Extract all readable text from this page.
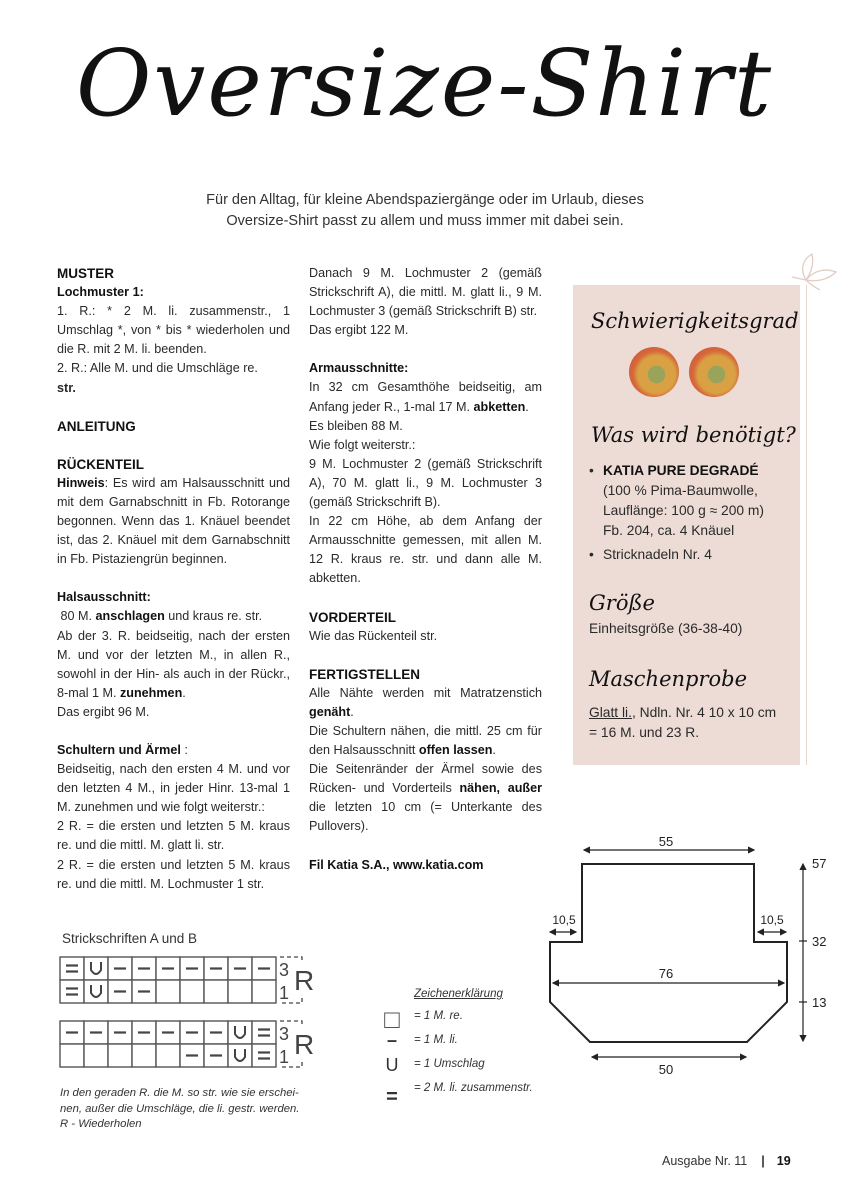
Oversize-Shirt
Für den Alltag, für kleine Abendspaziergänge oder im Urlaub, dieses
Oversize-Shirt passt zu allem und muss immer mit dabei sein.
MUSTER
Lochmuster 1:
1. R.: * 2 M. li. zusammenstr., 1 Umschlag *, von * bis * wiederholen und die R. mit 2 M. li. beenden.
2. R.: Alle M. und die Umschläge re.
str.
ANLEITUNG
RÜCKENTEIL
Hinweis: Es wird am Halsausschnitt und mit dem Garnabschnitt in Fb. Rotorange begonnen. Wenn das 1. Knäuel beendet ist, das 2. Knäuel mit dem Garnabschnitt in Fb. Pistaziengrün beginnen.
Halsausschnitt:
80 M. anschlagen und kraus re. str.
Ab der 3. R. beidseitig, nach der ersten M. und vor der letzten M., in allen R., sowohl in der Hin- als auch in der Rückr., 8-mal 1 M. zunehmen.
Das ergibt 96 M.
Schultern und Ärmel :
Beidseitig, nach den ersten 4 M. und vor den letzten 4 M., in jeder Hinr. 13-mal 1 M. zunehmen und wie folgt weiterstr.:
2 R. = die ersten und letzten 5 M. kraus re. und die mittl. M. glatt li. str.
2 R. = die ersten und letzten 5 M. kraus re. und die mittl. M. Lochmuster 1 str.
Danach 9 M. Lochmuster 2 (gemäß Strickschrift A), die mittl. M. glatt li., 9 M. Lochmuster 3 (gemäß Strickschrift B) str.
Das ergibt 122 M.
Armausschnitte:
In 32 cm Gesamthöhe beidseitig, am Anfang jeder R., 1-mal 17 M. abketten.
Es bleiben 88 M.
Wie folgt weiterstr.:
9 M. Lochmuster 2 (gemäß Strickschrift A), 70 M. glatt li., 9 M. Lochmuster 3 (gemäß Strickschrift B).
In 22 cm Höhe, ab dem Anfang der Armausschnitte gemessen, mit allen M. 12 R. kraus re. str. und dann alle M. abketten.
VORDERTEIL
Wie das Rückenteil str.
FERTIGSTELLEN
Alle Nähte werden mit Matratzenstich genäht.
Die Schultern nähen, die mittl. 25 cm für den Halsausschnitt offen lassen.
Die Seitenränder der Ärmel sowie des Rücken- und Vorderteils nähen, außer die letzten 10 cm (= Unterkante des Pullovers).
Fil Katia S.A., www.katia.com
Schwierigkeitsgrad
Was wird benötigt?
• KATIA PURE DEGRADÉ
(100 % Pima-Baumwolle,
Lauflänge: 100 g ≈ 200 m)
Fb. 204, ca. 4 Knäuel
• Stricknadeln Nr. 4
Größe
Einheitsgröße (36-38-40)
Maschenprobe
Glatt li., Ndln. Nr. 4 10 x 10 cm
= 16 M. und 23 R.
55
10,5	10,5
76
50
57
32
13
Strickschriften A und B
3
1 R
3
1 R
In den geraden R. die M. so str. wie sie erschei-
nen, außer die Umschläge, die li. gestr. werden.
R - Wiederholen
Zeichenerklärung
□	= 1 M. re.
–	= 1 M. li.
U	= 1 Umschlag
=	= 2 M. li. zusammenstr.
Ausgabe Nr. 11 | 19
